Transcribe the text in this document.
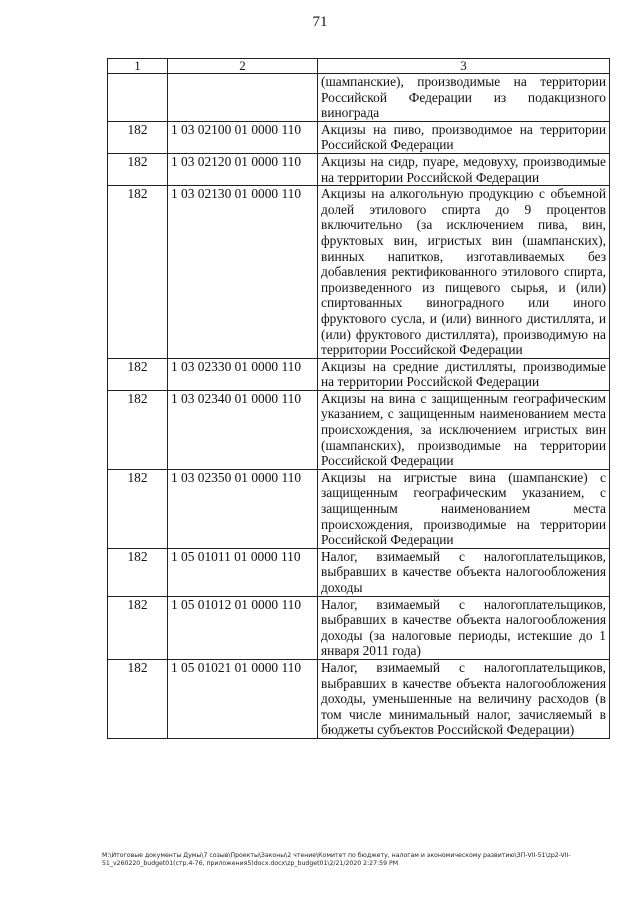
71
1	2	3
		(шампанские), производимые на территории Российской Федерации из подакцизного винограда
182	1 03 02100 01 0000 110	Акцизы на пиво, производимое на территории Российской Федерации
182	1 03 02120 01 0000 110	Акцизы на сидр, пуаре, медовуху, производимые на территории Российской Федерации
182	1 03 02130 01 0000 110	Акцизы на алкогольную продукцию с объемной долей этилового спирта до 9 процентов включительно (за исключением пива, вин, фруктовых вин, игристых вин (шампанских), винных напитков, изготавливаемых без добавления ректификованного этилового спирта, произведенного из пищевого сырья, и (или) спиртованных виноградного или иного фруктового сусла, и (или) винного дистиллята, и (или) фруктового дистиллята), производимую на территории Российской Федерации
182	1 03 02330 01 0000 110	Акцизы на средние дистилляты, производимые на территории Российской Федерации
182	1 03 02340 01 0000 110	Акцизы на вина с защищенным географическим указанием, с защищенным наименованием места происхождения, за исключением игристых вин (шампанских), производимые на территории Российской Федерации
182	1 03 02350 01 0000 110	Акцизы на игристые вина (шампанские) с защищенным географическим указанием, с защищенным наименованием места происхождения, производимые на территории Российской Федерации
182	1 05 01011 01 0000 110	Налог, взимаемый с налогоплательщиков, выбравших в качестве объекта налогообложения доходы
182	1 05 01012 01 0000 110	Налог, взимаемый с налогоплательщиков, выбравших в качестве объекта налогообложения доходы (за налоговые периоды, истекшие до 1 января 2011 года)
182	1 05 01021 01 0000 110	Налог, взимаемый с налогоплательщиков, выбравших в качестве объекта налогообложения доходы, уменьшенные на величину расходов (в том числе минимальный налог, зачисляемый в бюджеты субъектов Российской Федерации)
M:\Итоговые документы Думы\7 созыв\Проекты\Законы\2 чтение\Комитет по бюджету, налогам и экономическому развитию\ЗП-VII-51\zp2-VII-51_v260220_budget01(стр.4-76, приложения5)docx.docx\zp_budget01\2/21/2020 2:27:59 PM
